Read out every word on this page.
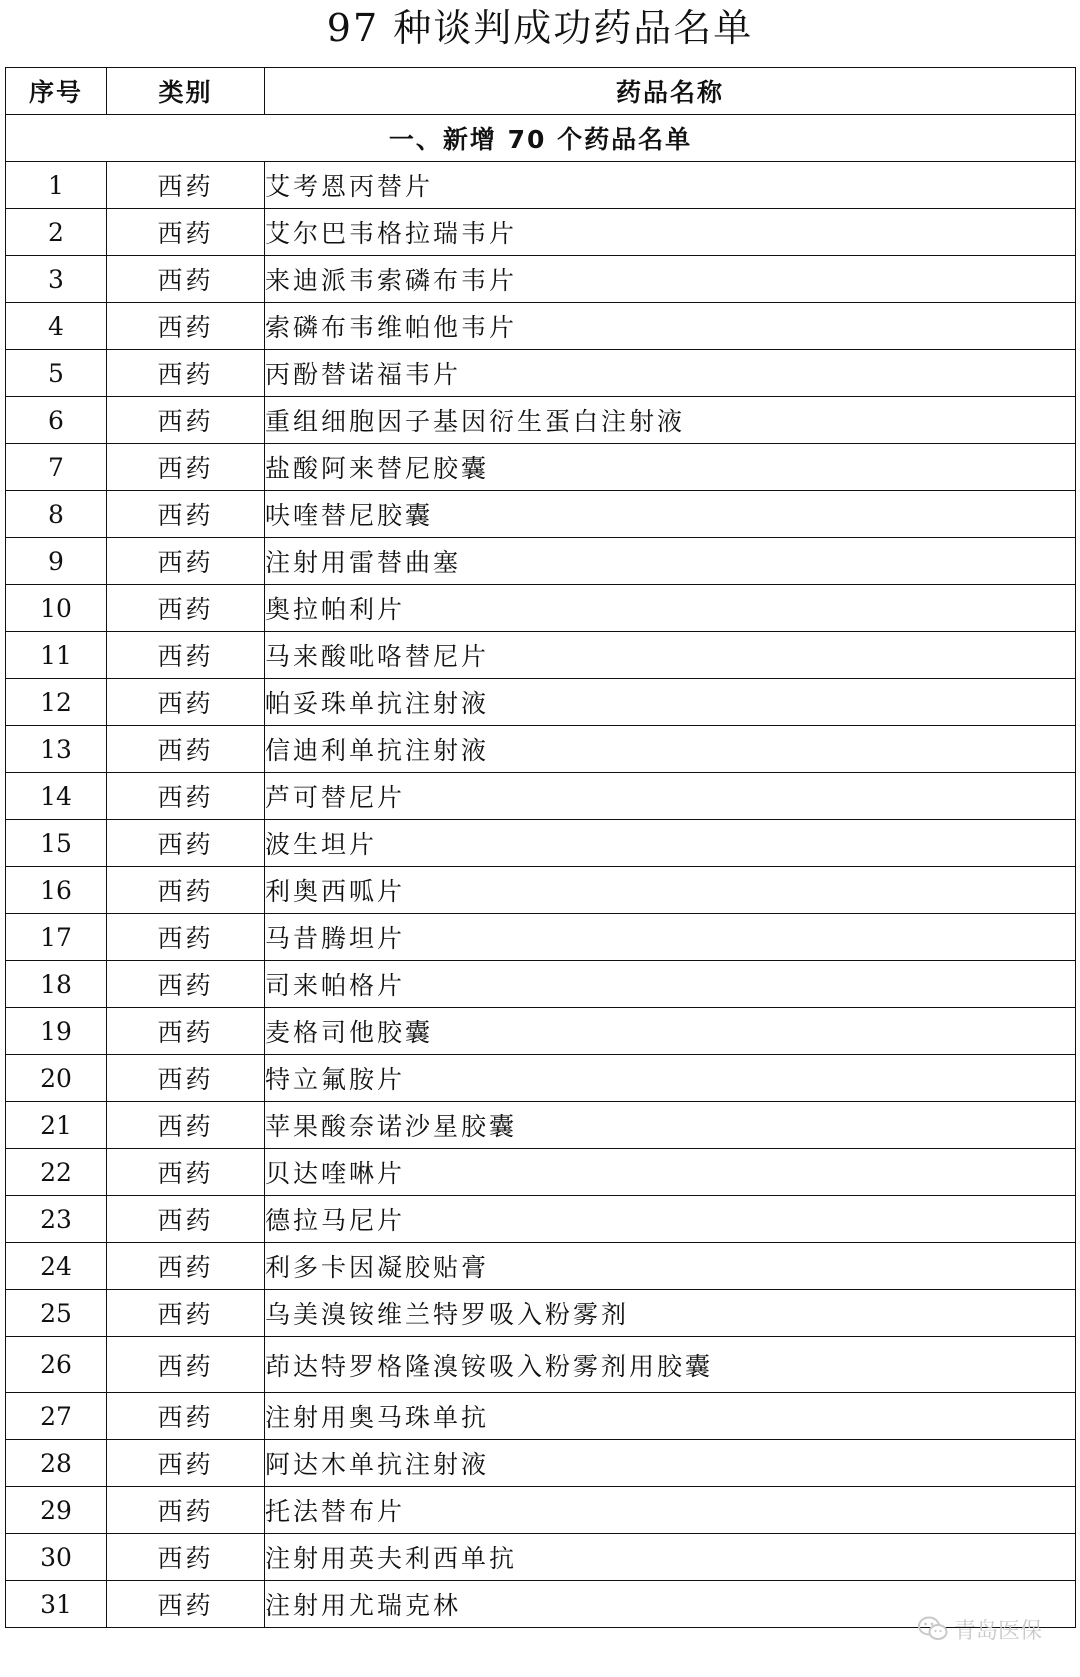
97 种谈判成功药品名单
序号	类别	药品名称
一、新增 70 个药品名单		
1	西药	艾考恩丙替片
2	西药	艾尔巴韦格拉瑞韦片
3	西药	来迪派韦索磷布韦片
4	西药	索磷布韦维帕他韦片
5	西药	丙酚替诺福韦片
6	西药	重组细胞因子基因衍生蛋白注射液
7	西药	盐酸阿来替尼胶囊
8	西药	呋喹替尼胶囊
9	西药	注射用雷替曲塞
10	西药	奥拉帕利片
11	西药	马来酸吡咯替尼片
12	西药	帕妥珠单抗注射液
13	西药	信迪利单抗注射液
14	西药	芦可替尼片
15	西药	波生坦片
16	西药	利奥西呱片
17	西药	马昔腾坦片
18	西药	司来帕格片
19	西药	麦格司他胶囊
20	西药	特立氟胺片
21	西药	苹果酸奈诺沙星胶囊
22	西药	贝达喹啉片
23	西药	德拉马尼片
24	西药	利多卡因凝胶贴膏
25	西药	乌美溴铵维兰特罗吸入粉雾剂
26	西药	茚达特罗格隆溴铵吸入粉雾剂用胶囊
27	西药	注射用奥马珠单抗
28	西药	阿达木单抗注射液
29	西药	托法替布片
30	西药	注射用英夫利西单抗
31	西药	注射用尤瑞克林
青岛医保
